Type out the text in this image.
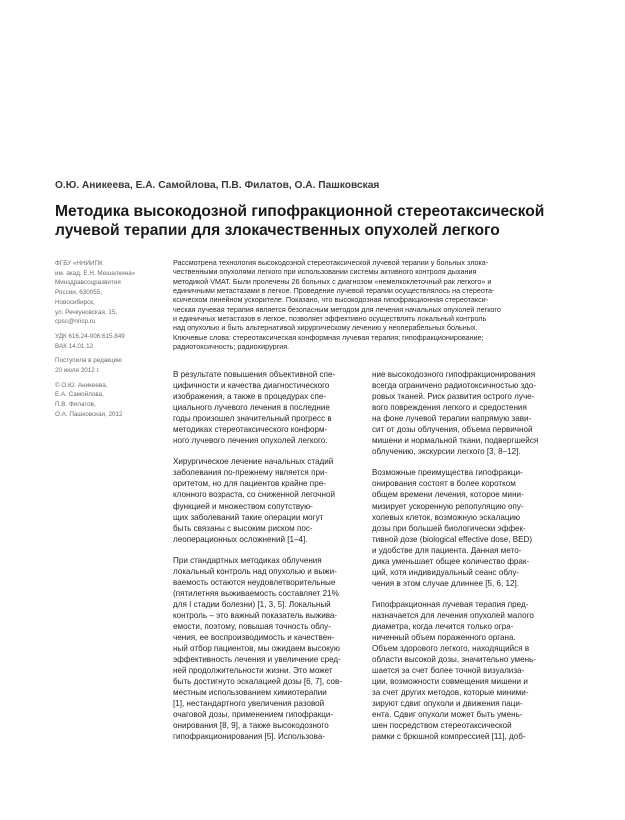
О.Ю. Аникеева, Е.А. Самойлова, П.В. Филатов, О.А. Пашковская
Методика высокодозной гипофракционной стереотаксической
лучевой терапии для злокачественных опухолей легкого
ФГБУ «ННИИПК
им. акад. Е.Н. Мешалкина»
Минздравсоцразвития
России, 630055,
Новосибирск,
ул. Речкуновская, 15,
cpsc@nricp.ru
УДК 616.24-006:615.849
ВАК 14.01.12
Поступила в редакцию
20 июля 2012 г.
© О.Ю. Аникеева,
Е.А. Самойлова,
П.В. Филатов,
О.А. Пашковская, 2012
Рассмотрена технология высокодозной стереотаксической лучевой терапии у больных злока-
чественными опухолями легкого при использовании системы активного контроля дыхания
методикой VMAT. Были пролечены 26 больных с диагнозом «немелкоклеточный рак легкого» и
единичными метастазами в легкое. Проведение лучевой терапии осуществлялось на стереота-
ксическом линейном ускорителе. Показано, что высокодозная гипофракционная стереотакси-
ческая лучевая терапия является безопасным методом для лечения начальных опухолей легкого
и единичных метастазов в легкое, позволяет эффективно осуществлять локальный контроль
над опухолью и быть альтернативой хирургическому лечению у неоперабельных больных.
Ключевые слова: стереотаксическая конформная лучевая терапия; гипофракционирование;
радиотоксичность; радиохирургия.
В результате повышения объективной спе-
цифичности и качества диагностического
изображения, а также в процедурах спе-
циального лучевого лечения в последние
годы произошел значительный прогресс в
методиках стереотаксического конформ-
ного лучевого лечения опухолей легкого.
Хирургическое лечение начальных стадий
заболевания по-прежнему является при-
оритетом, но для пациентов крайне пре-
клонного возраста, со сниженной легочной
функцией и множеством сопутствую-
щих заболеваний такие операции могут
быть связаны с высоким риском пос-
леоперационных осложнений [1–4].
При стандартных методиках облучения
локальный контроль над опухолью и выжи-
ваемость остаются неудовлетворительные
(пятилетняя выживаемость составляет 21%
для I стадии болезни) [1, 3, 5]. Локальный
контроль – это важный показатель выжива-
емости, поэтому, повышая точность облу-
чения, ее воспроизводимость и качествен-
ный отбор пациентов, мы ожидаем высокую
эффективность лечения и увеличение сред-
ней продолжительности жизни. Это может
быть достигнуто эскалацией дозы [6, 7], сов-
местным использованием химиотерапии
[1], нестандартного увеличения разовой
очаговой дозы, применением гипофракци-
онирования [8, 9], а также высокодозного
гипофракционирования [5]. Использова-
ние высокодозного гипофракционирования
всегда ограничено радиотоксичностью здо-
ровых тканей. Риск развития острого луче-
вого повреждения легкого и средостения
на фоне лучевой терапии напрямую зави-
сит от дозы облучения, объема первичной
мишени и нормальной ткани, подвергшейся
облучению, экскурсии легкого [3, 8–12].
Возможные преимущества гипофракци-
онирования состоят в более коротком
общем времени лечения, которое мини-
мизирует ускоренную репопуляцию опу-
холевых клеток, возможную эскалацию
дозы при большей биологически эффек-
тивной дозе (biological effective dose, BED)
и удобстве для пациента. Данная мето-
дика уменьшает общее количество фрак-
ций, хотя индивидуальный сеанс облу-
чения в этом случае длиннее [5, 6, 12].
Гипофракционная лучевая терапия пред-
назначается для лечения опухолей малого
диаметра, когда лечится только огра-
ниченный объем пораженного органа.
Объем здорового легкого, находящийся в
области высокой дозы, значительно умень-
шается за счет более точной визуализа-
ции, возможности совмещения мишени и
за счет других методов, которые миними-
зируют сдвиг опухоли и движения паци-
ента. Сдвиг опухоли может быть умень-
шен посредством стереотаксической
рамки с брюшной компрессией [11], доб-
